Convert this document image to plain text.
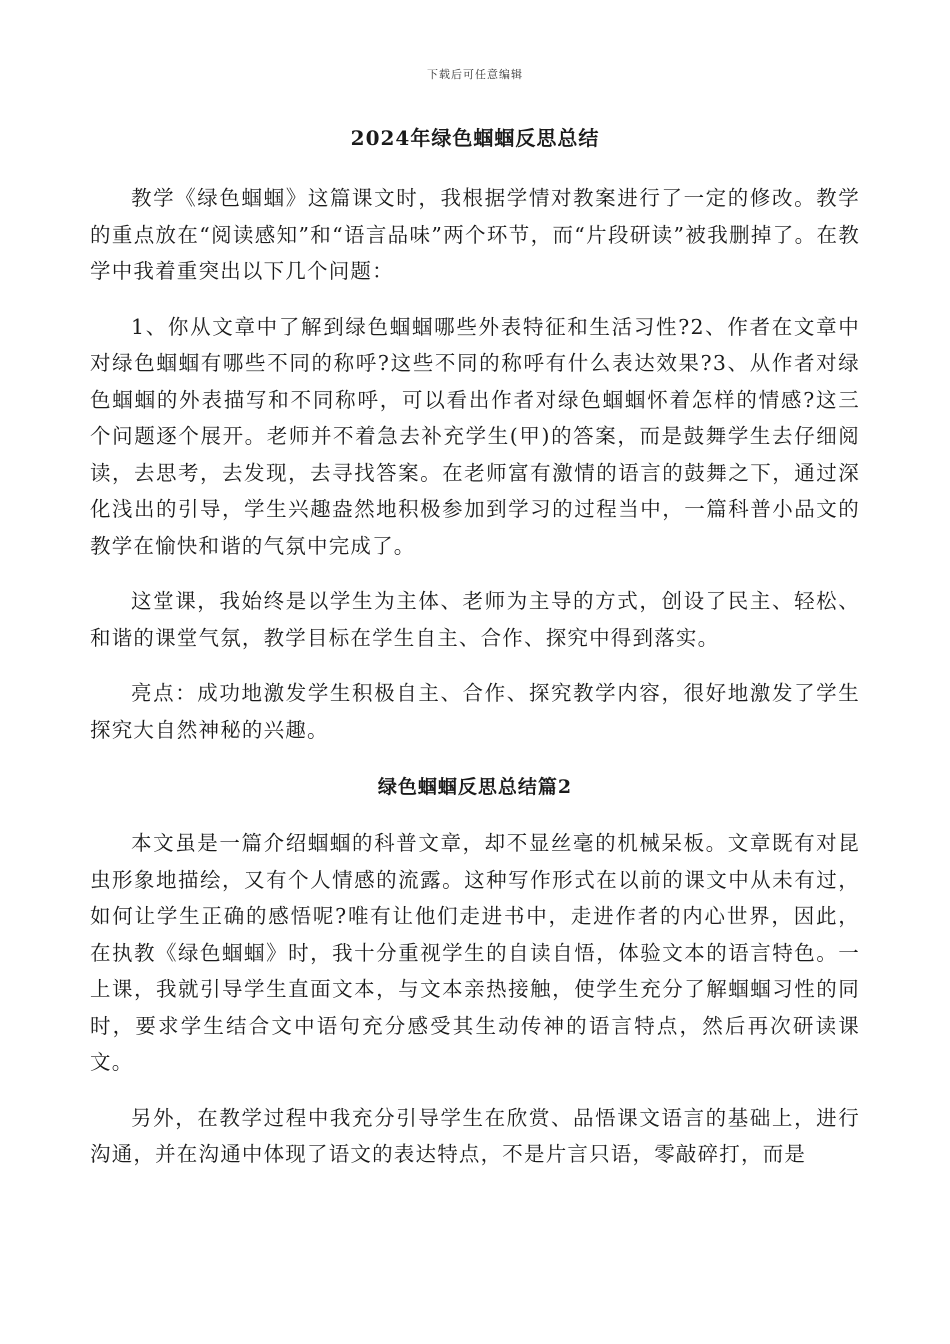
下载后可任意编辑
2024年绿色蝈蝈反思总结

教学《绿色蝈蝈》这篇课文时，我根据学情对教案进行了一定的修改。教学的重点放在“阅读感知”和“语言品味”两个环节，而“片段研读”被我删掉了。在教学中我着重突出以下几个问题：

1、你从文章中了解到绿色蝈蝈哪些外表特征和生活习性?2、作者在文章中对绿色蝈蝈有哪些不同的称呼?这些不同的称呼有什么表达效果?3、从作者对绿色蝈蝈的外表描写和不同称呼，可以看出作者对绿色蝈蝈怀着怎样的情感?这三个问题逐个展开。老师并不着急去补充学生(甲)的答案，而是鼓舞学生去仔细阅读，去思考，去发现，去寻找答案。在老师富有激情的语言的鼓舞之下，通过深化浅出的引导，学生兴趣盎然地积极参加到学习的过程当中，一篇科普小品文的教学在愉快和谐的气氛中完成了。

这堂课，我始终是以学生为主体、老师为主导的方式，创设了民主、轻松、和谐的课堂气氛，教学目标在学生自主、合作、探究中得到落实。

亮点：成功地激发学生积极自主、合作、探究教学内容，很好地激发了学生探究大自然神秘的兴趣。

绿色蝈蝈反思总结篇2

本文虽是一篇介绍蝈蝈的科普文章，却不显丝毫的机械呆板。文章既有对昆虫形象地描绘，又有个人情感的流露。这种写作形式在以前的课文中从未有过，如何让学生正确的感悟呢?唯有让他们走进书中，走进作者的内心世界，因此，在执教《绿色蝈蝈》时，我十分重视学生的自读自悟，体验文本的语言特色。一上课，我就引导学生直面文本，与文本亲热接触，使学生充分了解蝈蝈习性的同时，要求学生结合文中语句充分感受其生动传神的语言特点，然后再次研读课文。

另外，在教学过程中我充分引导学生在欣赏、品悟课文语言的基础上，进行沟通，并在沟通中体现了语文的表达特点，不是片言只语，零敲碎打，而是
